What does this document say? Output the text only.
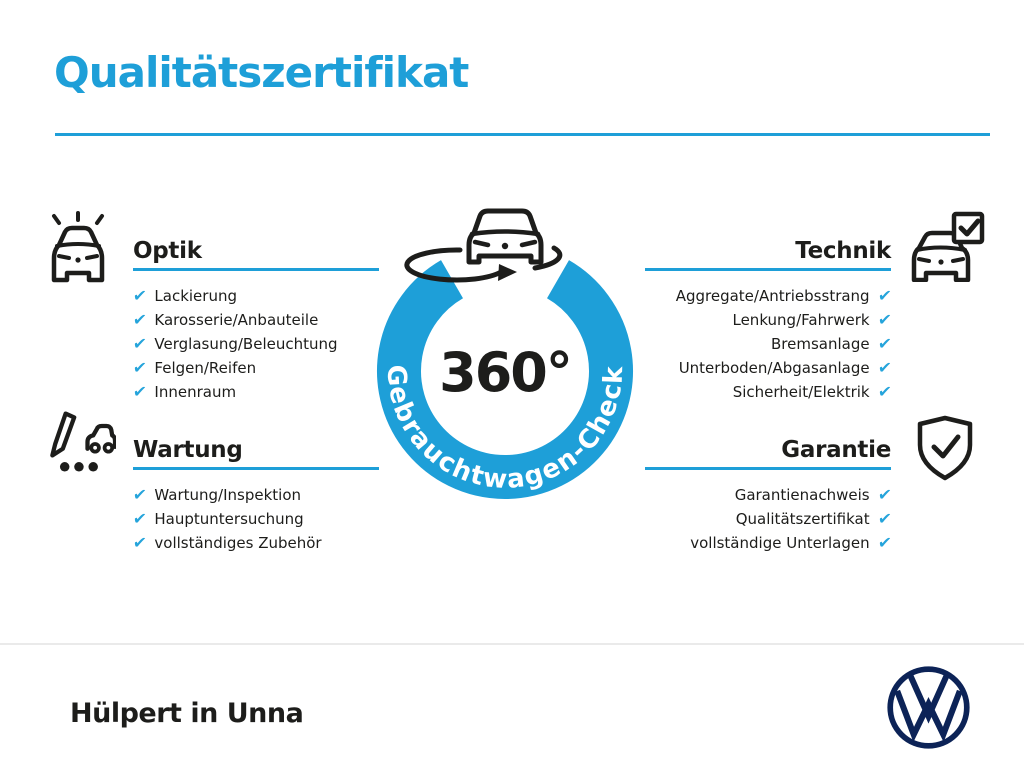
Qualitätszertifikat
Optik
✔ Lackierung
✔ Karosserie/Anbauteile
✔ Verglasung/Beleuchtung
✔ Felgen/Reifen
✔ Innenraum
Wartung
✔ Wartung/Inspektion
✔ Hauptuntersuchung
✔ vollständiges Zubehör
Technik
Aggregate/Antriebsstrang ✔
Lenkung/Fahrwerk ✔
Bremsanlage ✔
Unterboden/Abgasanlage ✔
Sicherheit/Elektrik ✔
Garantie
Garantienachweis ✔
Qualitätszertifikat ✔
vollständige Unterlagen ✔
360°
Gebrauchtwagen-Check
Hülpert in Unna
